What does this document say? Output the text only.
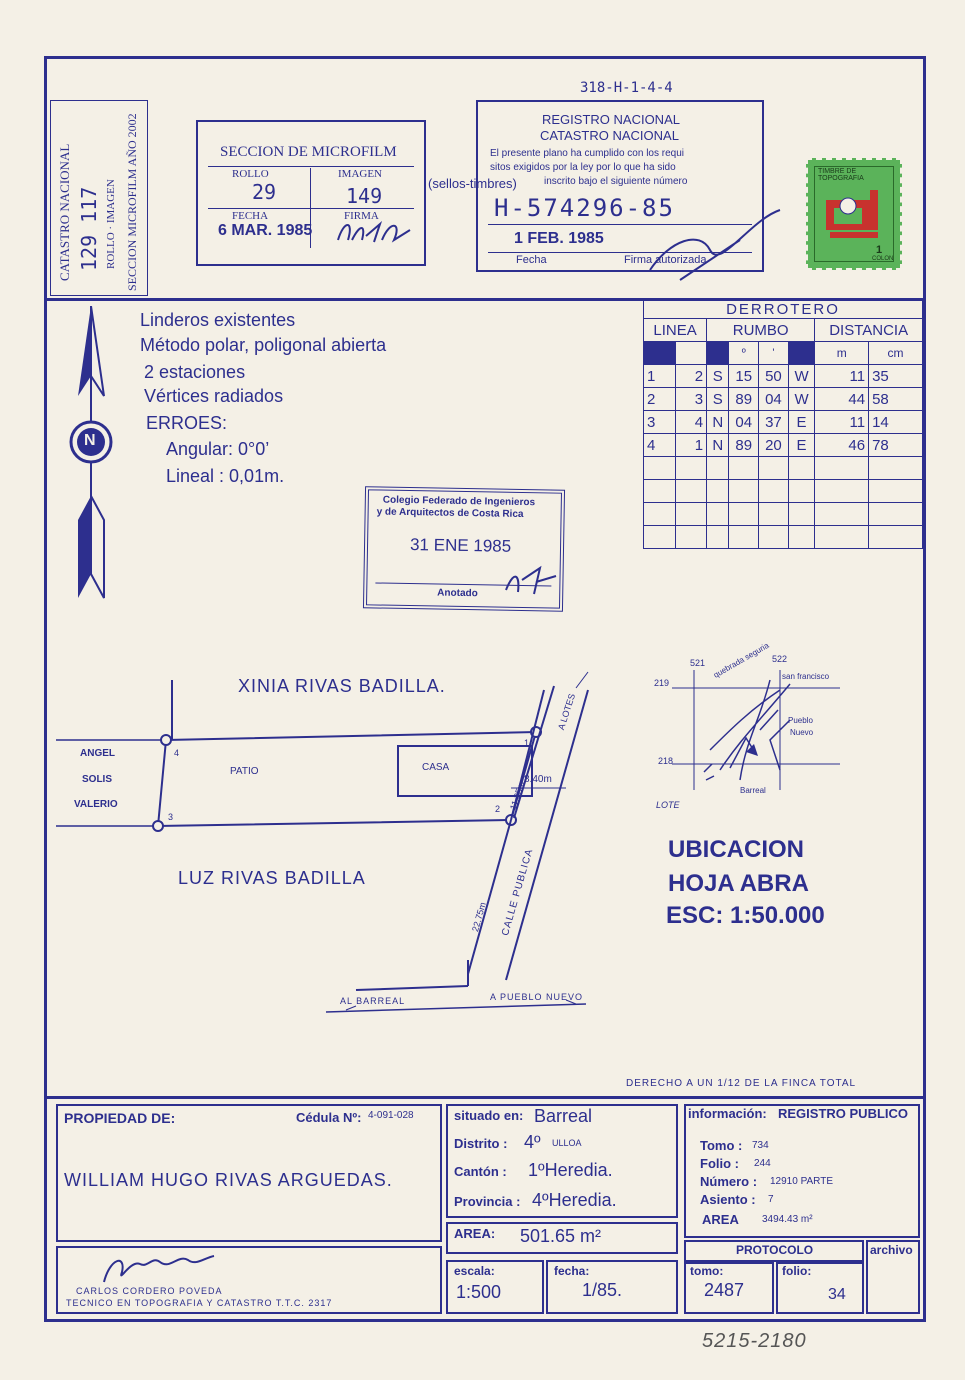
318-H-1-4-4
CATASTRO NACIONAL 129 117 ROLLO · IMAGEN SECCION MICROFILM AÑO 2002	SECCION DE MICROFILM
ROLLO
29
IMAGEN
149
FECHA
6 MAR. 1985
FIRMA
REGISTRO NACIONAL
CATASTRO NACIONAL
El presente plano ha cumplido con los requi
sitos exigidos por la ley por lo que ha sido
inscrito bajo el siguiente número
H-574296-85
1 FEB. 1985
Fecha	Firma autorizada
(sellos-timbres)
TIMBRE DE TOPOGRAFIA
1
COLON
N
Linderos existentes
Método polar, poligonal abierta
2 estaciones
Vértices radiados
ERROES:
Angular: 0°0’
Lineal : 0,01m.
DERROTERO							
LINEA		RUMBO				DISTANCIA	
			º	'		m	cm
1	2	S	15	50	W	11	35
2	3	S	89	04	W	44	58
3	4	N	04	37	E	11	14
4	1	N	89	20	E	46	78

Colegio Federado de Ingenieros
y de Arquitectos de Costa Rica
31 ENE 1985
Anotado
XINIA RIVAS BADILLA.
LUZ RIVAS BADILLA
ANGEL
SOLIS
VALERIO
PATIO	CASA
1
2
3
4
11.35m
8.40m
CALLE PUBLICA
22.75m
A LOTES
AL BARREAL	A PUEBLO NUEVO
521	522
219
218
quebrada seguria san francisco
Pueblo
Nuevo
Barreal
LOTE
UBICACION
HOJA ABRA
ESC: 1:50.000
DERECHO A UN 1/12 DE LA FINCA TOTAL
PROPIEDAD DE:	Cédula Nº: 4-091-028
WILLIAM HUGO RIVAS ARGUEDAS.
situado en: Barreal
Distrito : 4º ULLOA
Cantón : 1ºHeredia.
Provincia : 4ºHeredia.
AREA: 501.65 m²
información: REGISTRO PUBLICO
Tomo : 734
Folio : 244
Número : 12910 PARTE
Asiento : 7
AREA 3494.43 m²
PROTOCOLO	archivo
CARLOS CORDERO POVEDA
TECNICO EN TOPOGRAFIA Y CATASTRO T.T.C. 2317
escala:
1:500
fecha:
1/85.
tomo:
2487
folio:
34
5215-2180
